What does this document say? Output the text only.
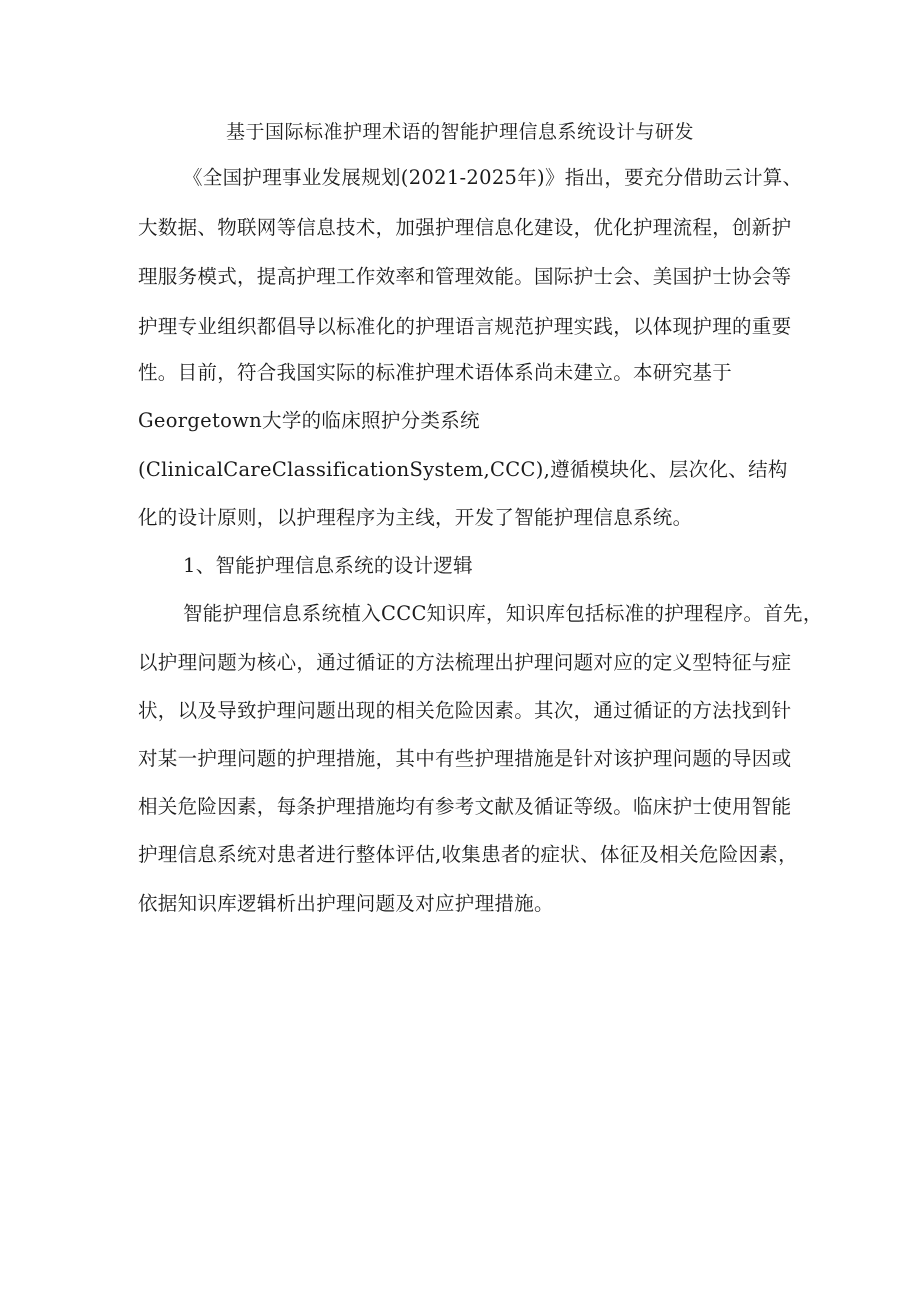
基于国际标准护理术语的智能护理信息系统设计与研发
《全国护理事业发展规划(2021-2025年)》指出，要充分借助云计算、
大数据、物联网等信息技术，加强护理信息化建设，优化护理流程，创新护
理服务模式，提高护理工作效率和管理效能。国际护士会、美国护士协会等
护理专业组织都倡导以标准化的护理语言规范护理实践，以体现护理的重要
性。目前，符合我国实际的标准护理术语体系尚未建立。本研究基于
Georgetown大学的临床照护分类系统
(ClinicalCareClassificationSystem,CCC),遵循模块化、层次化、结构
化的设计原则，以护理程序为主线，开发了智能护理信息系统。
1、智能护理信息系统的设计逻辑
智能护理信息系统植入CCC知识库，知识库包括标准的护理程序。首先，
以护理问题为核心，通过循证的方法梳理出护理问题对应的定义型特征与症
状，以及导致护理问题出现的相关危险因素。其次，通过循证的方法找到针
对某一护理问题的护理措施，其中有些护理措施是针对该护理问题的导因或
相关危险因素，每条护理措施均有参考文献及循证等级。临床护士使用智能
护理信息系统对患者进行整体评估,收集患者的症状、体征及相关危险因素，
依据知识库逻辑析出护理问题及对应护理措施。
